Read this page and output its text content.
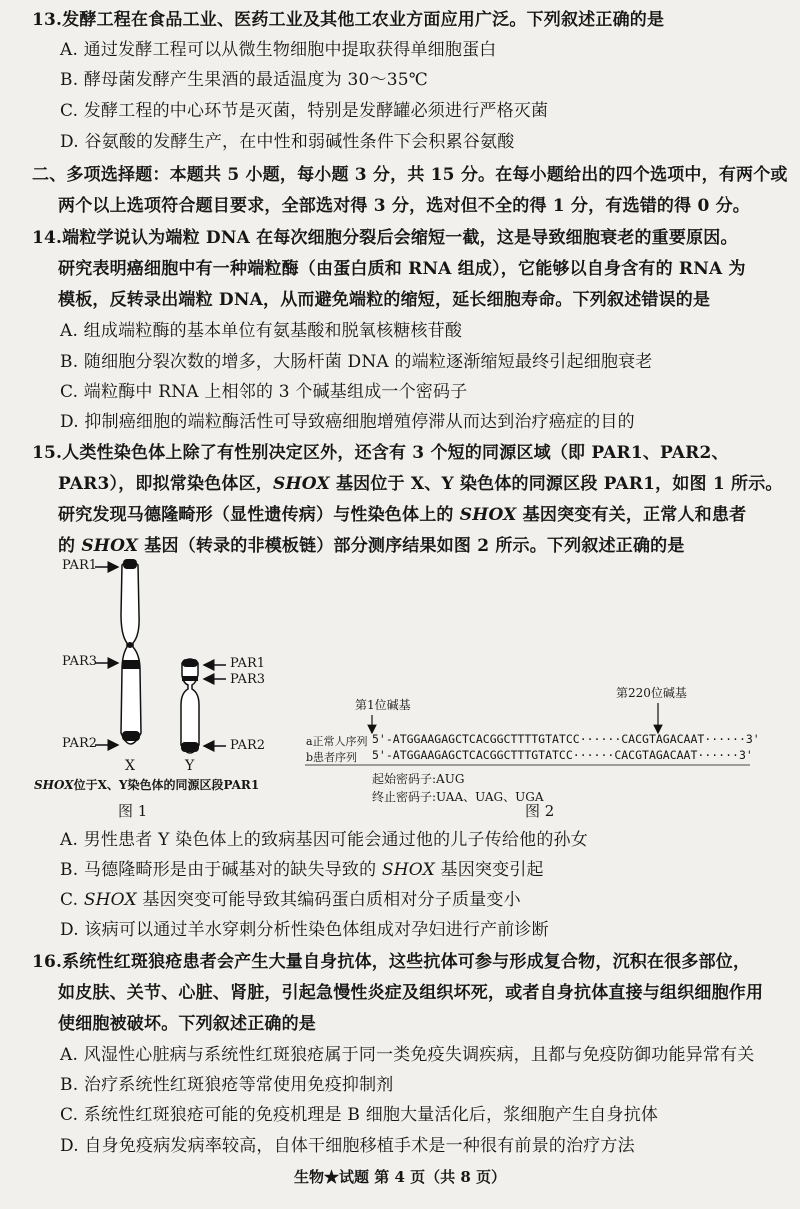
13.发酵工程在食品工业、医药工业及其他工农业方面应用广泛。下列叙述正确的是
A. 通过发酵工程可以从微生物细胞中提取获得单细胞蛋白
B. 酵母菌发酵产生果酒的最适温度为 30～35℃
C. 发酵工程的中心环节是灭菌，特别是发酵罐必须进行严格灭菌
D. 谷氨酸的发酵生产，在中性和弱碱性条件下会积累谷氨酸
二、多项选择题：本题共 5 小题，每小题 3 分，共 15 分。在每小题给出的四个选项中，有两个或
两个以上选项符合题目要求，全部选对得 3 分，选对但不全的得 1 分，有选错的得 0 分。
14.端粒学说认为端粒 DNA 在每次细胞分裂后会缩短一截，这是导致细胞衰老的重要原因。
研究表明癌细胞中有一种端粒酶（由蛋白质和 RNA 组成），它能够以自身含有的 RNA 为
模板，反转录出端粒 DNA，从而避免端粒的缩短，延长细胞寿命。下列叙述错误的是
A. 组成端粒酶的基本单位有氨基酸和脱氧核糖核苷酸
B. 随细胞分裂次数的增多，大肠杆菌 DNA 的端粒逐渐缩短最终引起细胞衰老
C. 端粒酶中 RNA 上相邻的 3 个碱基组成一个密码子
D. 抑制癌细胞的端粒酶活性可导致癌细胞增殖停滞从而达到治疗癌症的目的
15.人类性染色体上除了有性别决定区外，还含有 3 个短的同源区域（即 PAR1、PAR2、
PAR3），即拟常染色体区，SHOX 基因位于 X、Y 染色体的同源区段 PAR1，如图 1 所示。
研究发现马德隆畸形（显性遗传病）与性染色体上的 SHOX 基因突变有关，正常人和患者
的 SHOX 基因（转录的非模板链）部分测序结果如图 2 所示。下列叙述正确的是
PAR1
PAR3
PAR2
PAR1
PAR3
PAR2
X	Y
SHOX位于X、Y染色体的同源区段PAR1
图 1
第1位碱基
第220位碱基
a正常人序列 5'-ATGGAAGAGCTCACGGCTTTTGTATCC······CACGTAGACAAT······3'
b患者序列 5'-ATGGAAGAGCTCACGGCTTTGTATCC······CACGTAGACAAT······3'
起始密码子:AUG
终止密码子:UAA、UAG、UGA
图 2
A. 男性患者 Y 染色体上的致病基因可能会通过他的儿子传给他的孙女
B. 马德隆畸形是由于碱基对的缺失导致的 SHOX 基因突变引起
C. SHOX 基因突变可能导致其编码蛋白质相对分子质量变小
D. 该病可以通过羊水穿刺分析性染色体组成对孕妇进行产前诊断
16.系统性红斑狼疮患者会产生大量自身抗体，这些抗体可参与形成复合物，沉积在很多部位，
如皮肤、关节、心脏、肾脏，引起急慢性炎症及组织坏死，或者自身抗体直接与组织细胞作用
使细胞被破坏。下列叙述正确的是
A. 风湿性心脏病与系统性红斑狼疮属于同一类免疫失调疾病，且都与免疫防御功能异常有关
B. 治疗系统性红斑狼疮等常使用免疫抑制剂
C. 系统性红斑狼疮可能的免疫机理是 B 细胞大量活化后，浆细胞产生自身抗体
D. 自身免疫病发病率较高，自体干细胞移植手术是一种很有前景的治疗方法
生物★试题 第 4 页（共 8 页）
